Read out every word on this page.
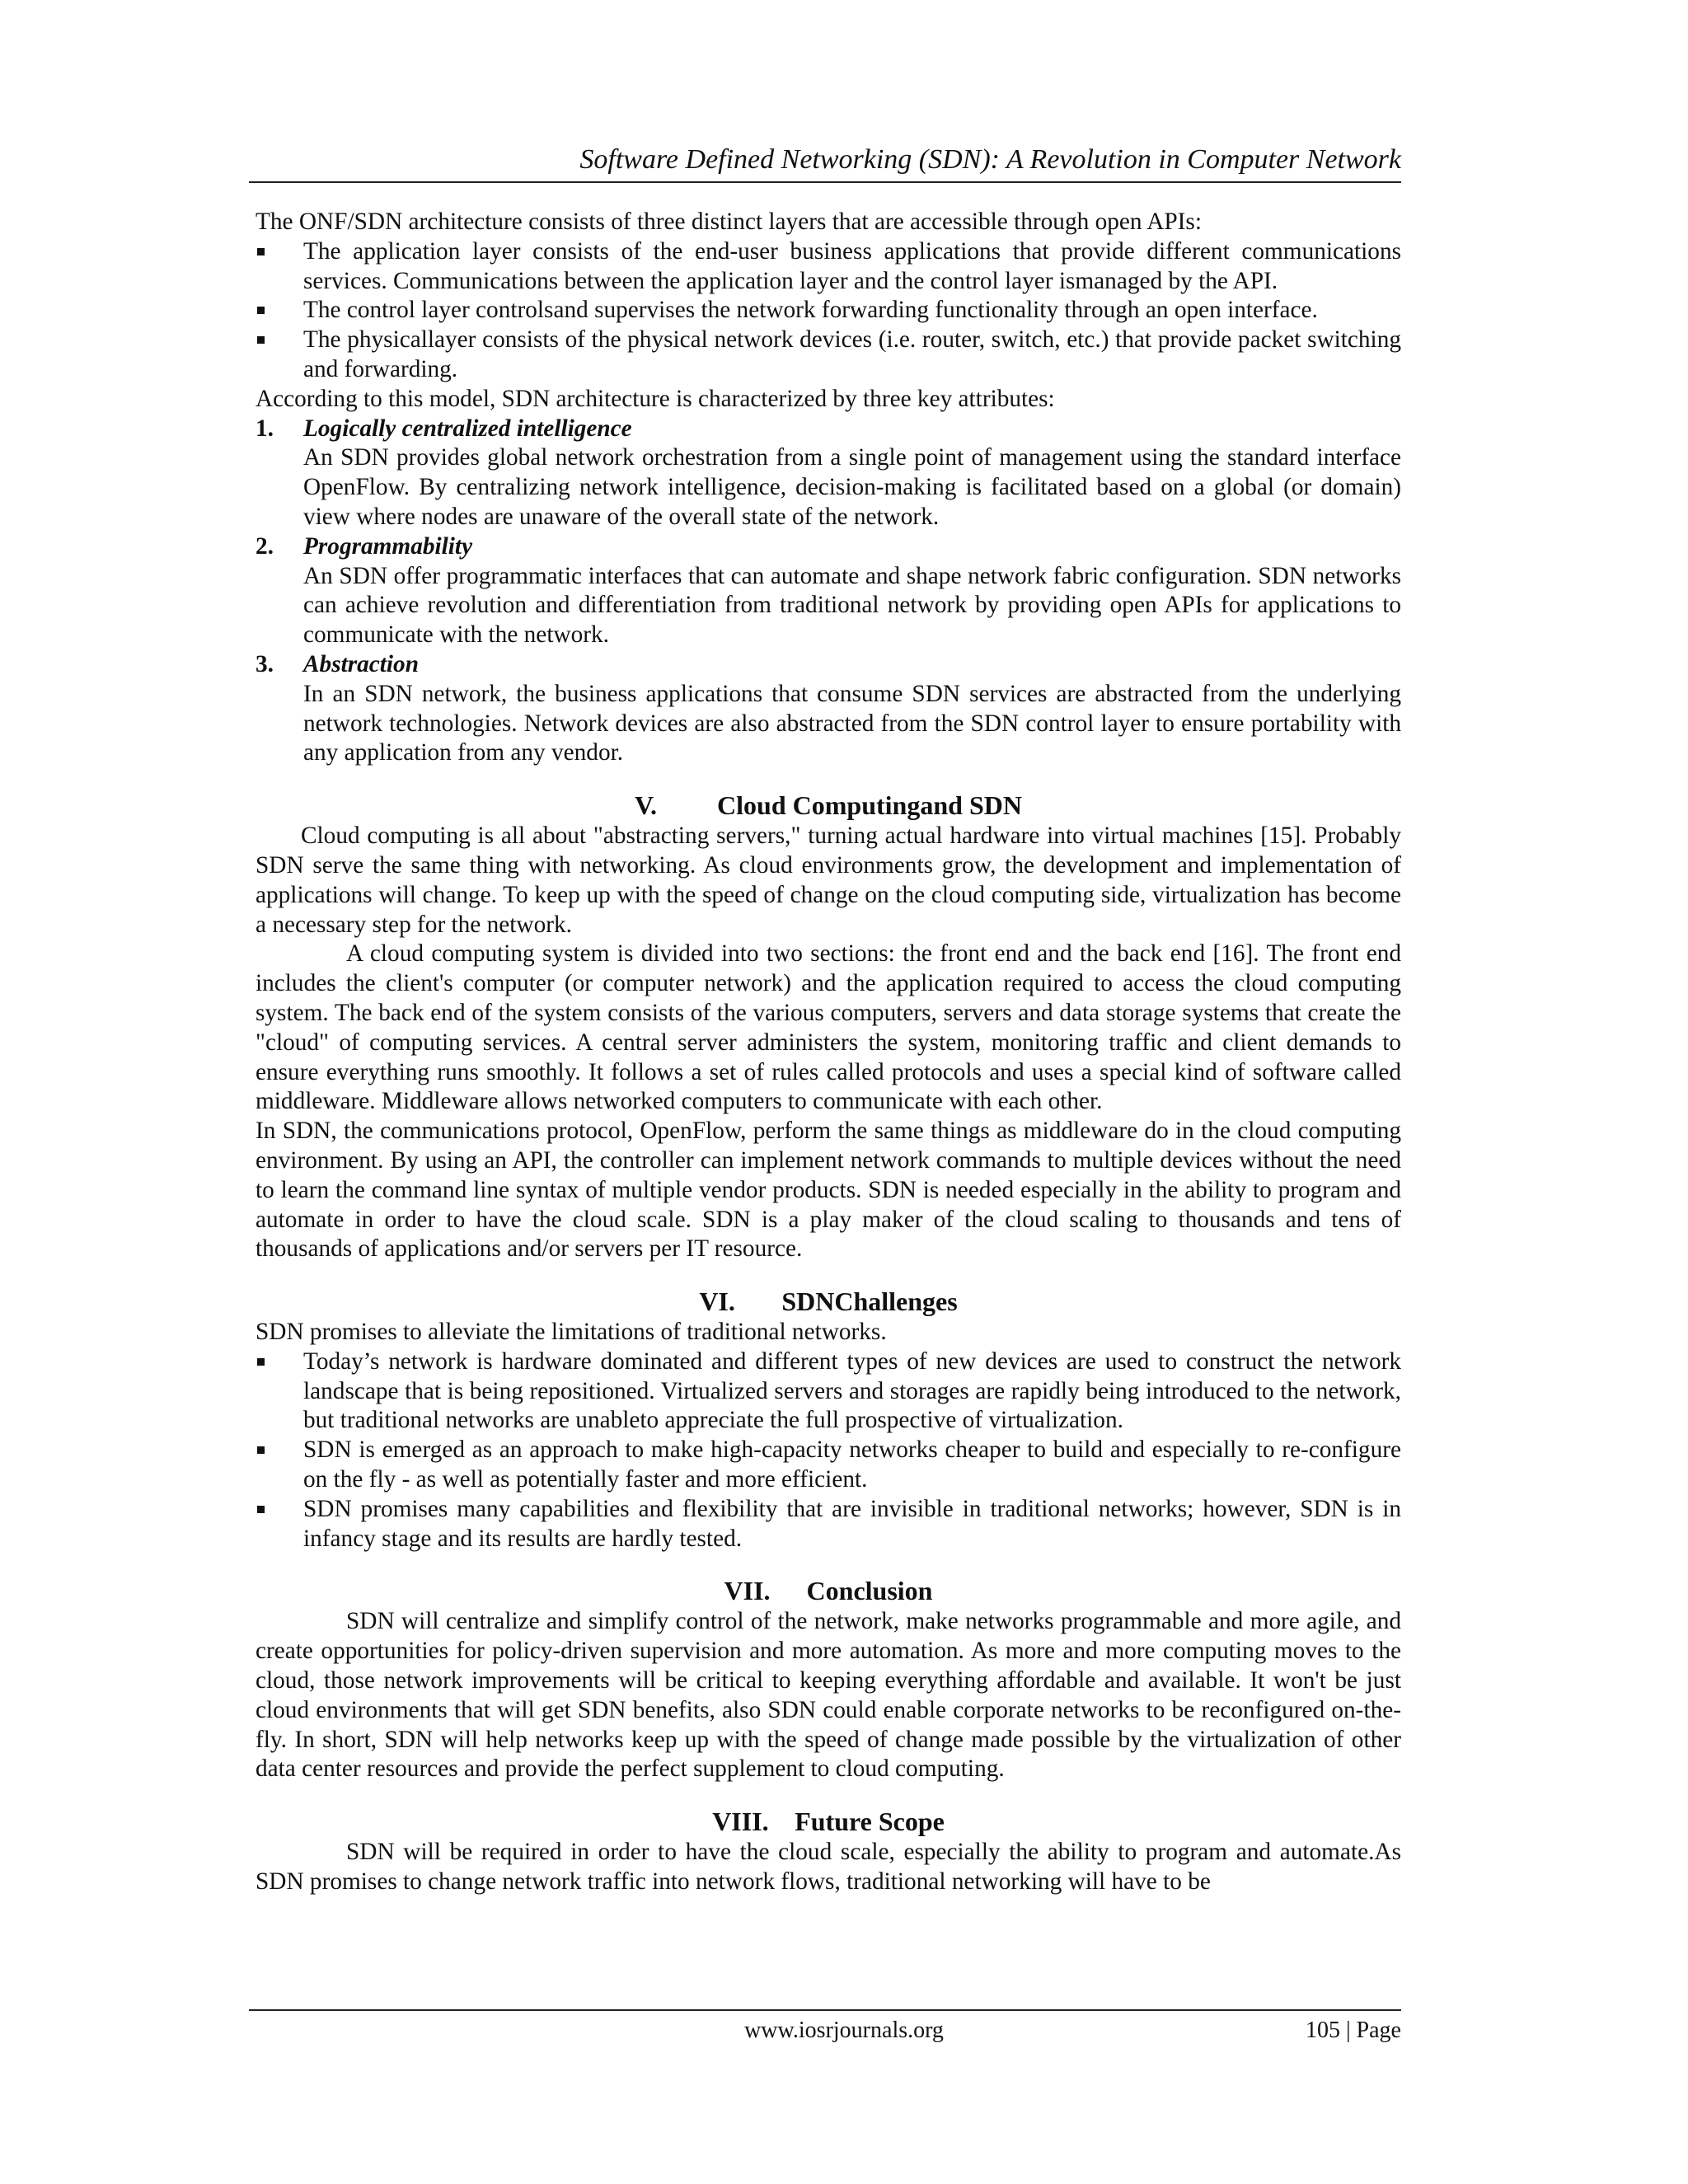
Software Defined Networking (SDN): A Revolution in Computer Network

The ONF/SDN architecture consists of three distinct layers that are accessible through open APIs:

The application layer consists of the end-user business applications that provide different communications services. Communications between the application layer and the control layer ismanaged by the API.
The control layer controlsand supervises the network forwarding functionality through an open interface.
The physicallayer consists of the physical network devices (i.e. router, switch, etc.) that provide packet switching and forwarding.

According to this model, SDN architecture is characterized by three key attributes:

1. Logically centralized intelligence
An SDN provides global network orchestration from a single point of management using the standard interface OpenFlow. By centralizing network intelligence, decision-making is facilitated based on a global (or domain) view where nodes are unaware of the overall state of the network.
2. Programmability
An SDN offer programmatic interfaces that can automate and shape network fabric configuration. SDN networks can achieve revolution and differentiation from traditional network by providing open APIs for applications to communicate with the network.
3. Abstraction
In an SDN network, the business applications that consume SDN services are abstracted from the underlying network technologies. Network devices are also abstracted from the SDN control layer to ensure portability with any application from any vendor.
V. Cloud Computingand SDN

Cloud computing is all about "abstracting servers," turning actual hardware into virtual machines [15]. Probably SDN serve the same thing with networking. As cloud environments grow, the development and implementation of applications will change. To keep up with the speed of change on the cloud computing side, virtualization has become a necessary step for the network.

A cloud computing system is divided into two sections: the front end and the back end [16]. The front end includes the client's computer (or computer network) and the application required to access the cloud computing system. The back end of the system consists of the various computers, servers and data storage systems that create the "cloud" of computing services. A central server administers the system, monitoring traffic and client demands to ensure everything runs smoothly. It follows a set of rules called protocols and uses a special kind of software called middleware. Middleware allows networked computers to communicate with each other.

In SDN, the communications protocol, OpenFlow, perform the same things as middleware do in the cloud computing environment. By using an API, the controller can implement network commands to multiple devices without the need to learn the command line syntax of multiple vendor products. SDN is needed especially in the ability to program and automate in order to have the cloud scale. SDN is a play maker of the cloud scaling to thousands and tens of thousands of applications and/or servers per IT resource.

VI. SDNChallenges

SDN promises to alleviate the limitations of traditional networks.

Today’s network is hardware dominated and different types of new devices are used to construct the network landscape that is being repositioned. Virtualized servers and storages are rapidly being introduced to the network, but traditional networks are unableto appreciate the full prospective of virtualization.
SDN is emerged as an approach to make high-capacity networks cheaper to build and especially to re-configure on the fly - as well as potentially faster and more efficient.
SDN promises many capabilities and flexibility that are invisible in traditional networks; however, SDN is in infancy stage and its results are hardly tested.
VII. Conclusion

SDN will centralize and simplify control of the network, make networks programmable and more agile, and create opportunities for policy-driven supervision and more automation. As more and more computing moves to the cloud, those network improvements will be critical to keeping everything affordable and available. It won't be just cloud environments that will get SDN benefits, also SDN could enable corporate networks to be reconfigured on-the-fly. In short, SDN will help networks keep up with the speed of change made possible by the virtualization of other data center resources and provide the perfect supplement to cloud computing.

VIII. Future Scope

SDN will be required in order to have the cloud scale, especially the ability to program and automate.As SDN promises to change network traffic into network flows, traditional networking will have to be

www.iosrjournals.org	105 | Page
